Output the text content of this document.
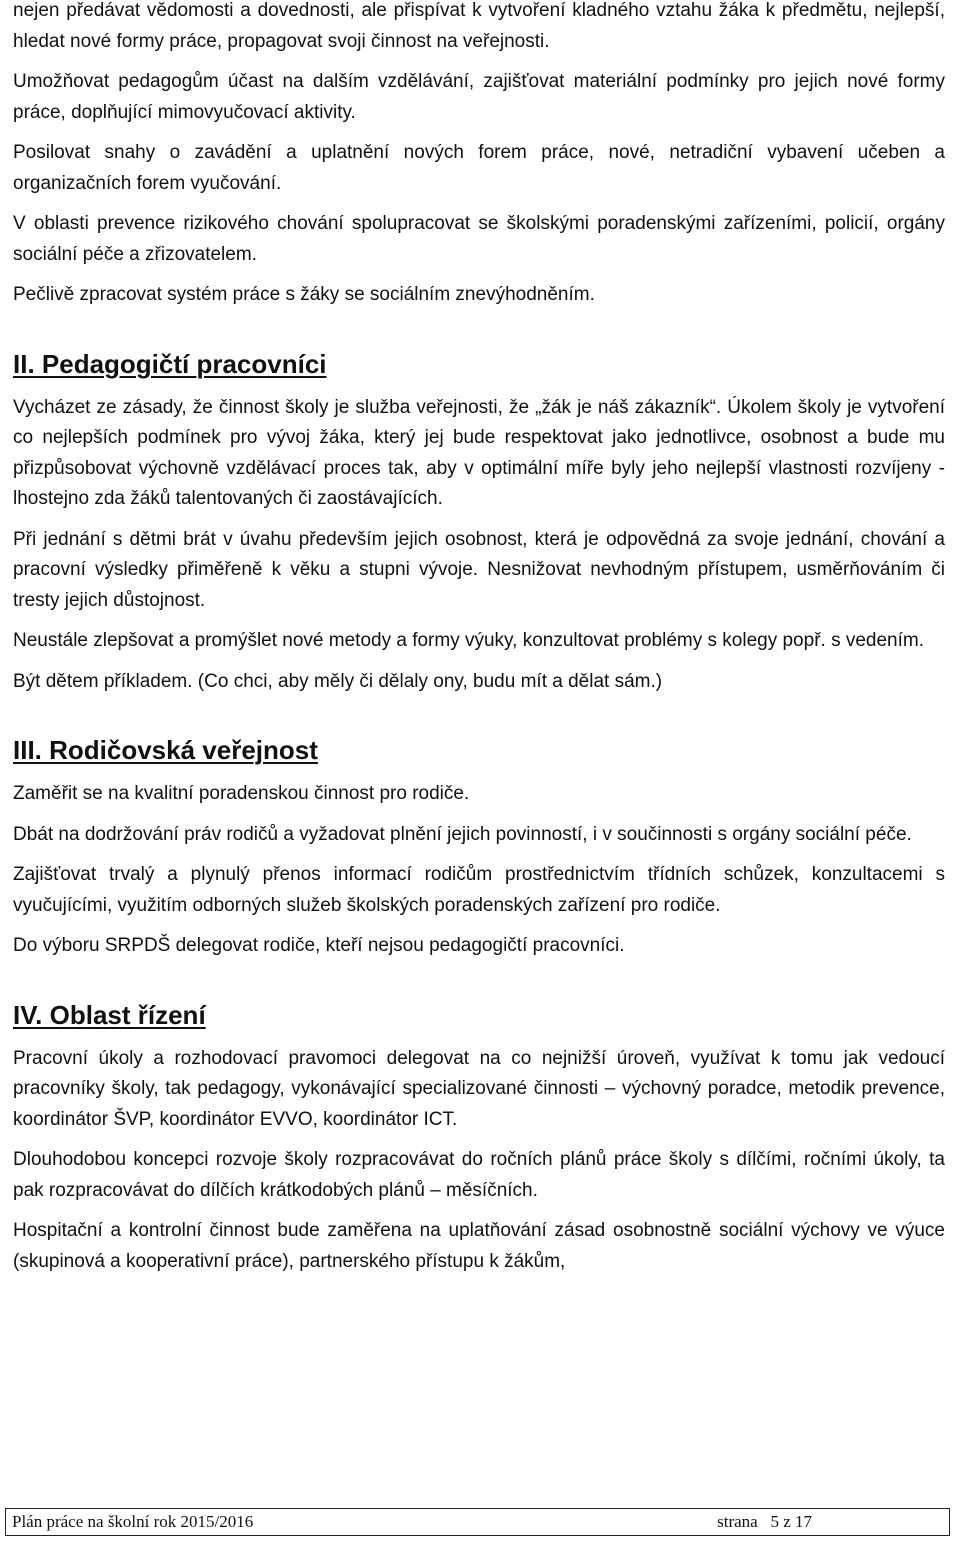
nejen předávat vědomosti a dovednosti, ale přispívat k vytvoření kladného vztahu žáka k předmětu, nejlepší, hledat nové formy práce, propagovat svoji činnost na veřejnosti.

Umožňovat pedagogům účast na dalším vzdělávání, zajišťovat materiální podmínky pro jejich nové formy práce, doplňující mimovyučovací aktivity.

Posilovat snahy o zavádění a uplatnění nových forem práce, nové, netradiční vybavení učeben a organizačních forem vyučování.

V oblasti prevence rizikového chování spolupracovat se školskými poradenskými zařízeními, policií, orgány sociální péče a zřizovatelem.

Pečlivě zpracovat systém práce s žáky se sociálním znevýhodněním.

II. Pedagogičtí pracovníci

Vycházet ze zásady, že činnost školy je služba veřejnosti, že „žák je náš zákazník“. Úkolem školy je vytvoření co nejlepších podmínek pro vývoj žáka, který jej bude respektovat jako jednotlivce, osobnost a bude mu přizpůsobovat výchovně vzdělávací proces tak, aby v optimální míře byly jeho nejlepší vlastnosti rozvíjeny - lhostejno zda žáků talentovaných či zaostávajících.

Při jednání s dětmi brát v úvahu především jejich osobnost, která je odpovědná za svoje jednání, chování a pracovní výsledky přiměřeně k věku a stupni vývoje. Nesnižovat nevhodným přístupem, usměrňováním či tresty jejich důstojnost.

Neustále zlepšovat a promýšlet nové metody a formy výuky, konzultovat problémy s kolegy popř. s vedením.

Být dětem příkladem. (Co chci, aby měly či dělaly ony, budu mít a dělat sám.)

III. Rodičovská veřejnost

Zaměřit se na kvalitní poradenskou činnost pro rodiče.

Dbát na dodržování práv rodičů a vyžadovat plnění jejich povinností, i v součinnosti s orgány sociální péče.

Zajišťovat trvalý a plynulý přenos informací rodičům prostřednictvím třídních schůzek, konzultacemi s vyučujícími, využitím odborných služeb školských poradenských zařízení pro rodiče.

Do výboru SRPDŠ delegovat rodiče, kteří nejsou pedagogičtí pracovníci.

IV. Oblast řízení

Pracovní úkoly a rozhodovací pravomoci delegovat na co nejnižší úroveň, využívat k tomu jak vedoucí pracovníky školy, tak pedagogy, vykonávající specializované činnosti – výchovný poradce, metodik prevence, koordinátor ŠVP, koordinátor EVVO, koordinátor ICT.

Dlouhodobou koncepci rozvoje školy rozpracovávat do ročních plánů práce školy s dílčími, ročními úkoly, ta pak rozpracovávat do dílčích krátkodobých plánů – měsíčních.

Hospitační a kontrolní činnost bude zaměřena na uplatňování zásad osobnostně sociální výchovy ve výuce (skupinová a kooperativní práce), partnerského přístupu k žákům,

Plán práce na školní rok 2015/2016	strana   5 z 17
